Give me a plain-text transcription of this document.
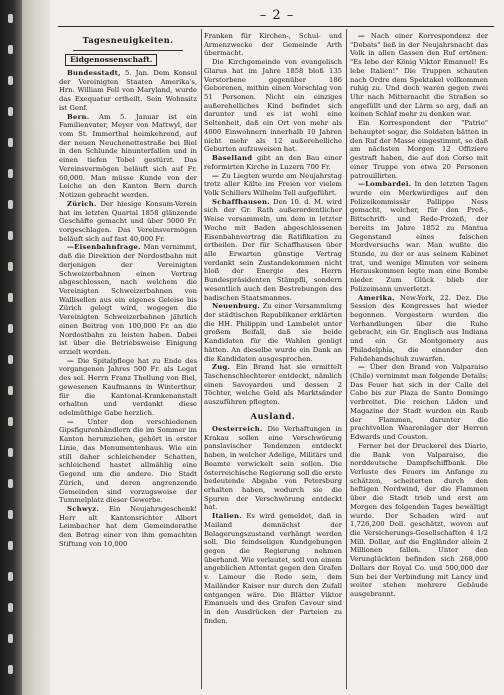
– 2 –
Tagesneuigkeiten.
Eidgenossenschaft.

Bundesstadt, 5. Jan. Dem Konsul der Vereinigten Staaten Amerika's, Hrn. William Fell von Maryland, wurde das Exequatur ertheilt. Sein Wohnsitz ist Genf.

Bern. Am 5. Januar ist ein Familienvater, Meyer von Mattwyl, der vom St. Immerthal heimkehrend, auf der neuen Neuchenettestraße bei Biel in den Schlunde hinunterfallen und in einen tiefen Tobel gestürzt. Das Vereinsvermögen beläuft sich auf Fr. 60,000. Man müsse Kunde von der Leiche an den Kanton Bern durch Notizen gebracht werden.

Zürich. Der hiesige Konsum-Verein hat im letzten Quartal 1858 glänzende Geschäfte gemacht und über 5000 Fr. vorgeschlagen. Das Vereinsvermögen beläuft sich auf fast 40,000 Fr.

—Eisenbahnfrage. Man vernimmt, daß die Direktion der Nordostbahn mit derjenigen der Vereinigten Schweizerbahnen einen Vertrag abgeschlossen, nach welchem die Vereinigten Schweizerbahnen von Wallisellen aus ein eigenes Geleise bis Zürich gelegt wird, wogegen die Vereinigten Schweizerbahnen jährlich einen Beitrag von 100,000 Fr. an die Nordostbahn zu leisten haben. Dabei ist über die Betriebsweise Einigung erzielt worden.

— Die Spitalpflege hat zu Ende des vorgangenen Jahres 500 Fr. als Legat des sel. Herrn Franz Thellung von Biel, gewesenen Kaufmanns in Winterthur, für die Kantonal-Krankenanstalt erhalten und verdankt diese edelmüthige Gabe herzlich.

— Unter den verschiedenen Gipsfigurenhändlern die im Sommer im Kanton herumziehen, gehört in erster Linie, das Monumentenhaus. Wie ein still daher schleichender Schatten, schleichend hastet allmählig eine Gegend um die andere. Die Stadt Zürich, und deren angrenzende Gemeinden sind vorzugsweise der Tummelplatz dieser Gewerbe.

Schwyz. Ein Neujahrsgeschenk! Herr alt Kantonsrichter Albert Leimbacher hat dem Gemeinderathe den Betrag einer von ihm gemachten Stiftung von 10,000

Franken für Kirchen-, Schul- und Armenzwecke der Gemeinde Arth übermacht.

Die Kirchgemeinde von evangelisch Glarus hat im Jahre 1858 bloß 135 Verstorbene gegenüber 186 Geborenen, mithin einen Vorschlag von 51 Personen. Nicht ein einziges außerehelliches Kind befindet sich darunter und es ist wohl eine Seltenheit, daß ein Ort von mehr als 4000 Einwohnern innerhalb 10 Jahren nicht mehr als 12 außerehelliche Geburten aufzuweisen hat.

Baselland gibt an den Bau einer reformirten Kirche in Luzern 700 Fr.

— Zu Liegten wurde am Neujahrstag trotz aller Kälte im Freien vor vielem Volk Schillers Wilhelm Tell aufgeführt.

Schaffhausen. Den 10. d. M. wird sich der Gr. Rath außerordentlicher Weise versammeln, um dem in letzter Woche mit Baden abgeschlossenen Eisenbahnvertrag die Ratifikation zu ertheilen. Der für Schaffhausen über alle Erwarten günstige Vertrag verdankt sein Zustandekommen nicht bloß der Energie des Herrn Bundespräsidenten Stämpfli, sondern wesentlich auch den Bestrebungen des badischen Staatsmannes.

Neuenburg. Zu einer Versammlung der städtischen Republikaner erklärten die HH. Philippin und Lambelet unter großem Beifall, daß sie beide Kandidaten für die Wahlen genügt hätten. An dieselbe wurde ein Dank an die Kandidaten ausgesprochen.

Zug. Ein Brand hat sie ermittelt Taschenschlechterer entdeckt, nämlich einen Savoyarden und dessen 2 Töchter, welche Geld als Marktsänder auszuführen pflegten.

Ausland.

Oesterreich. Die Verhaftungen in Krakau sollen eine Verschwörung panslavischer Tendenzen entdeckt haben, in welcher Adelige, Militärs und Beamte verwickelt sein sollen. Die österreichische Regierung soll die erste bedeutende Abgabe von Petersburg erhalten haben, wodurch sie die Spuren der Verschwörung entdeckt hat.

Italien. Es wird gemeldet, daß in Mailand demnächst der Belagerungszustand verhängt werden soll. Die feindseligen Kundgebungen gegen die Regierung nehmen überhand. Wie verlautet, soll von einem angeblichen Attentat gegen den Grafen v. Lamour die Rede sein, dem Mailänder Kaiser nur durch den Zufall entgangen wäre. Die Blätter Viktor Emanuels und des Grafen Cavour sind in den Ausdrücken der Parteien zu finden.

— Nach einer Korrespondenz der "Debats" ließ in der Neujahrsnacht das Volk in allen Gassen den Ruf ertönen: "Es lebe der König Viktor Emanuel! Es lebe Italien!" Die Truppen schauten nach Ordre dem Spektakel vollkommen ruhig zu. Und doch waren gegen zwei Uhr nach Mitternacht die Straßen so angefüllt und der Lärm so arg, daß an keinen Schlaf mehr zu denken war.

Ein Korrespondent der "Patrie" behauptet sogar, die Soldaten hätten in den Ruf der Masse eingestimmt, so daß am nächsten Morgen 12 Offiziere gestraft haben, die auf den Corso mit einer Truppe von etwa 20 Personen patrouillirten.

—Lombardei. In den letzten Tagen wurde ein Merkwürdiges auf den Polizeikommissär Pallippo Ness gemacht, welcher, für den Preß-, Bittschrift- und Rede-Prozeß, der bereits im Jahre 1852 zu Mantua Gegenstand eines falschen Mordversuchs war. Man wußte die Stunde, zu der er aus seinem Kabinet trat, und wenige Minuten vor seinem Herauskommen legte man eine Bombe nieder. Zum Glück blieb der Polizeimann unverletzt.

Amerika. New-York, 22. Dez. Die Session des Kongresses hat wieder begonnen. Vorgestern wurden die Verhandlungen über die Ruhe gebracht, ein Gr. Englisch aus Indiana und ein Gr. Montgomery aus Philadelphia, die einander den Fehdehandschuh zuwarfen.

— Über den Brand von Valparaiso (Chile) vernimmt man folgende Details: Das Feuer hat sich in der Calle del Cabo bis zur Plaza de Santo Domingo verbreitet. Die reichen Läden und Magazine der Stadt wurden ein Raub der Flammen, darunter die prachtvollen Waarenlager der Herren Edwards und Couston.

Ferner bei der Druckerei des Diario, die Bank von Valparaiso, die norddeutsche Dampfschiffbank. Die Verluste des Feuers im Anfange zu schätzen, scheiterten durch den heftigen Nordwind, der die Flammen über die Stadt trieb und erst am Morgen des folgenden Tages bewältigt wurde. Der Schaden wird auf 1,726,200 Doll. geschätzt, wovon auf die Versicherungs-Gesellschaften 4 1/2 Mill. Dollar, auf die Engländer allein 2 Millionen fallen. Unter den Verunglückten befinden sich 268,000 Dollars der Royal Co. und 500,000 der Sun bei der Verbindung mit Lancy und weiter stehen mehrere Gebäude ausgebrannt.
